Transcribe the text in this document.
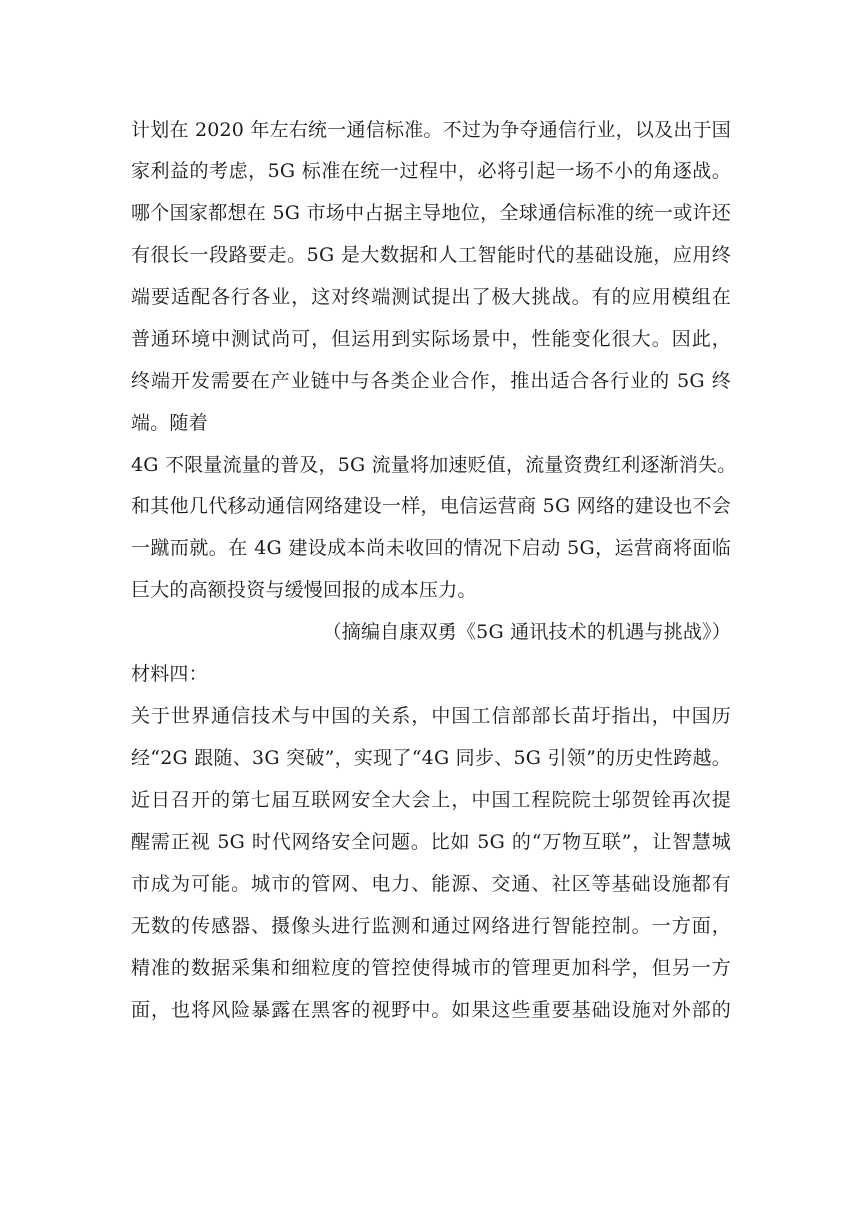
计划在 2020 年左右统一通信标准。不过为争夺通信行业，以及出于国
家利益的考虑，5G 标准在统一过程中，必将引起一场不小的角逐战。
哪个国家都想在 5G 市场中占据主导地位，全球通信标准的统一或许还
有很长一段路要走。5G 是大数据和人工智能时代的基础设施，应用终
端要适配各行各业，这对终端测试提出了极大挑战。有的应用模组在
普通环境中测试尚可，但运用到实际场景中，性能变化很大。因此，
终端开发需要在产业链中与各类企业合作，推出适合各行业的 5G 终
端。随着
4G 不限量流量的普及，5G 流量将加速贬值，流量资费红利逐渐消失。
和其他几代移动通信网络建设一样，电信运营商 5G 网络的建设也不会
一蹴而就。在 4G 建设成本尚未收回的情况下启动 5G，运营商将面临
巨大的高额投资与缓慢回报的成本压力。
（摘编自康双勇《5G 通讯技术的机遇与挑战》）
材料四：
关于世界通信技术与中国的关系，中国工信部部长苗圩指出，中国历
经“2G 跟随、3G 突破”，实现了“4G 同步、5G 引领”的历史性跨越。
近日召开的第七届互联网安全大会上，中国工程院院士邬贺铨再次提
醒需正视 5G 时代网络安全问题。比如 5G 的“万物互联”，让智慧城
市成为可能。城市的管网、电力、能源、交通、社区等基础设施都有
无数的传感器、摄像头进行监测和通过网络进行智能控制。一方面，
精准的数据采集和细粒度的管控使得城市的管理更加科学，但另一方
面，也将风险暴露在黑客的视野中。如果这些重要基础设施对外部的
